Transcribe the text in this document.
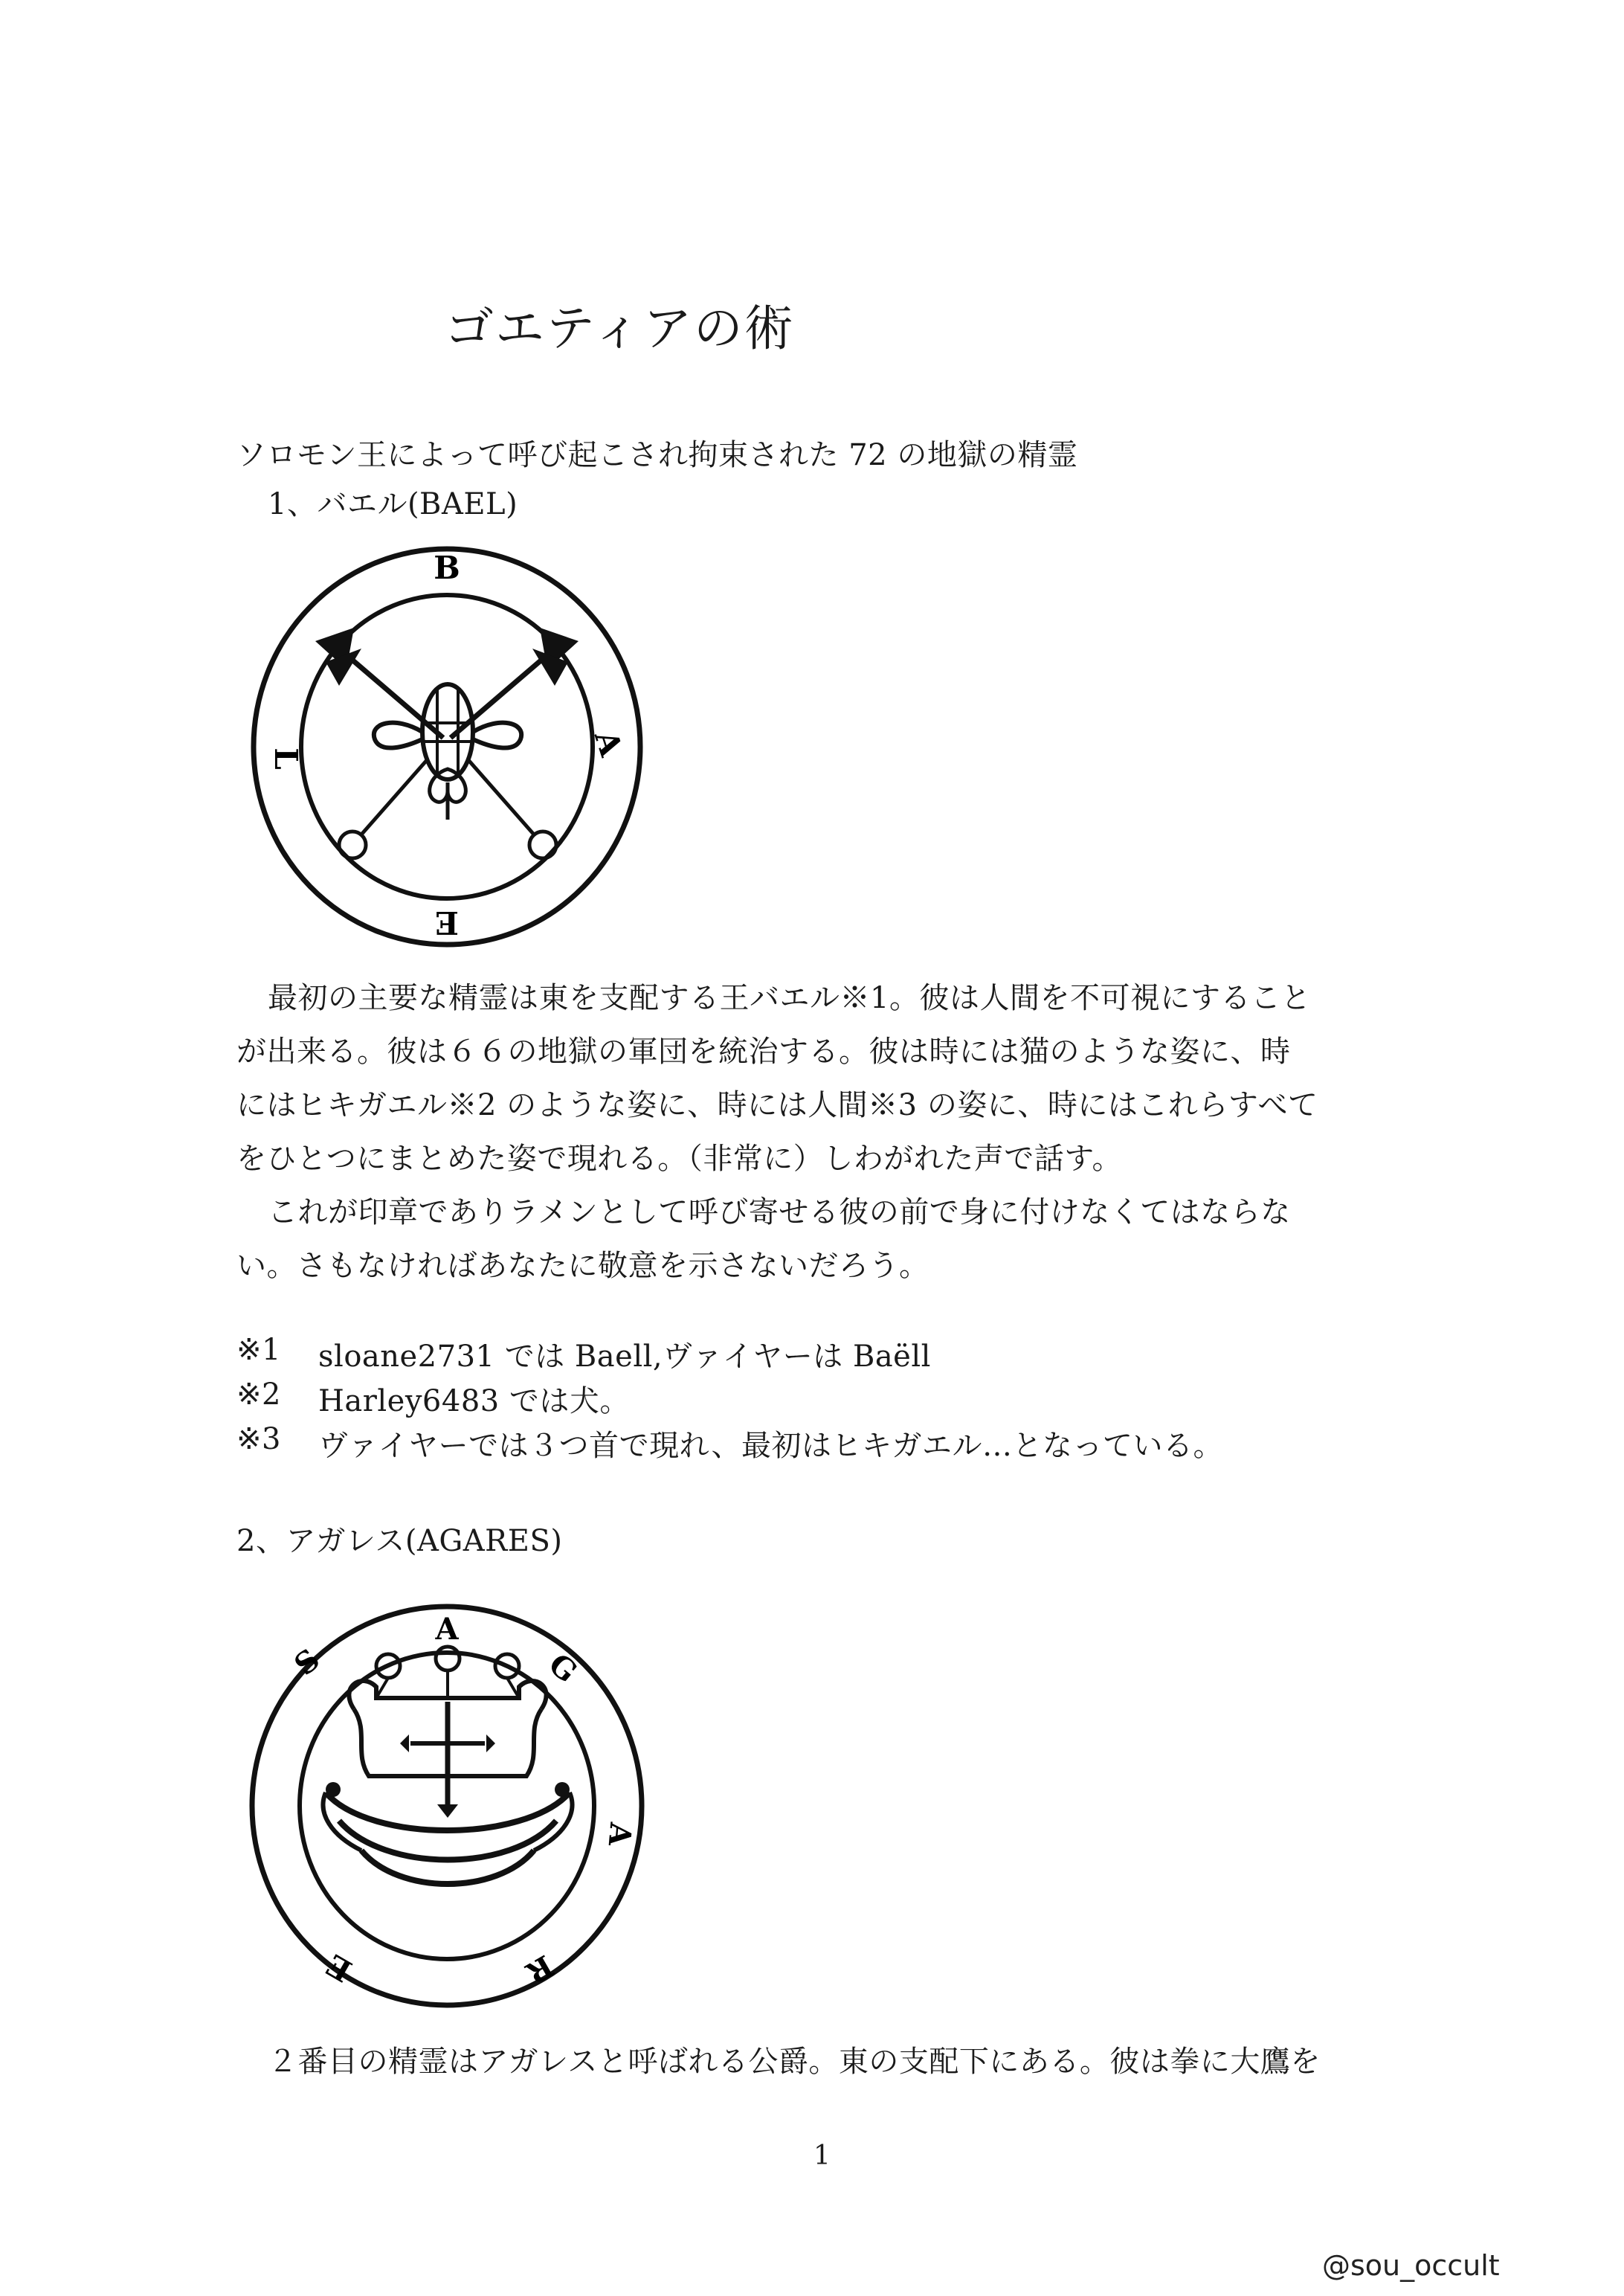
ゴエティアの術
ソロモン王によって呼び起こされ拘束された 72 の地獄の精霊
1、バエル(BAEL)
B
A
E
L
最初の主要な精霊は東を支配する王バエル※1。彼は人間を不可視にすること
が出来る。彼は６６の地獄の軍団を統治する。彼は時には猫のような姿に、時
にはヒキガエル※2 のような姿に、時には人間※3 の姿に、時にはこれらすべて
をひとつにまとめた姿で現れる。（非常に）しわがれた声で話す。
これが印章でありラメンとして呼び寄せる彼の前で身に付けなくてはならな
い。さもなければあなたに敬意を示さないだろう。
※1 sloane2731 では Baell,ヴァイヤーは Baëll
※2 Harley6483 では犬。
※3 ヴァイヤーでは３つ首で現れ、最初はヒキガエル…となっている。
2、アガレス(AGARES)
A
G
A
R
E
S
２番目の精霊はアガレスと呼ばれる公爵。東の支配下にある。彼は拳に大鷹を
1
@sou_occult
